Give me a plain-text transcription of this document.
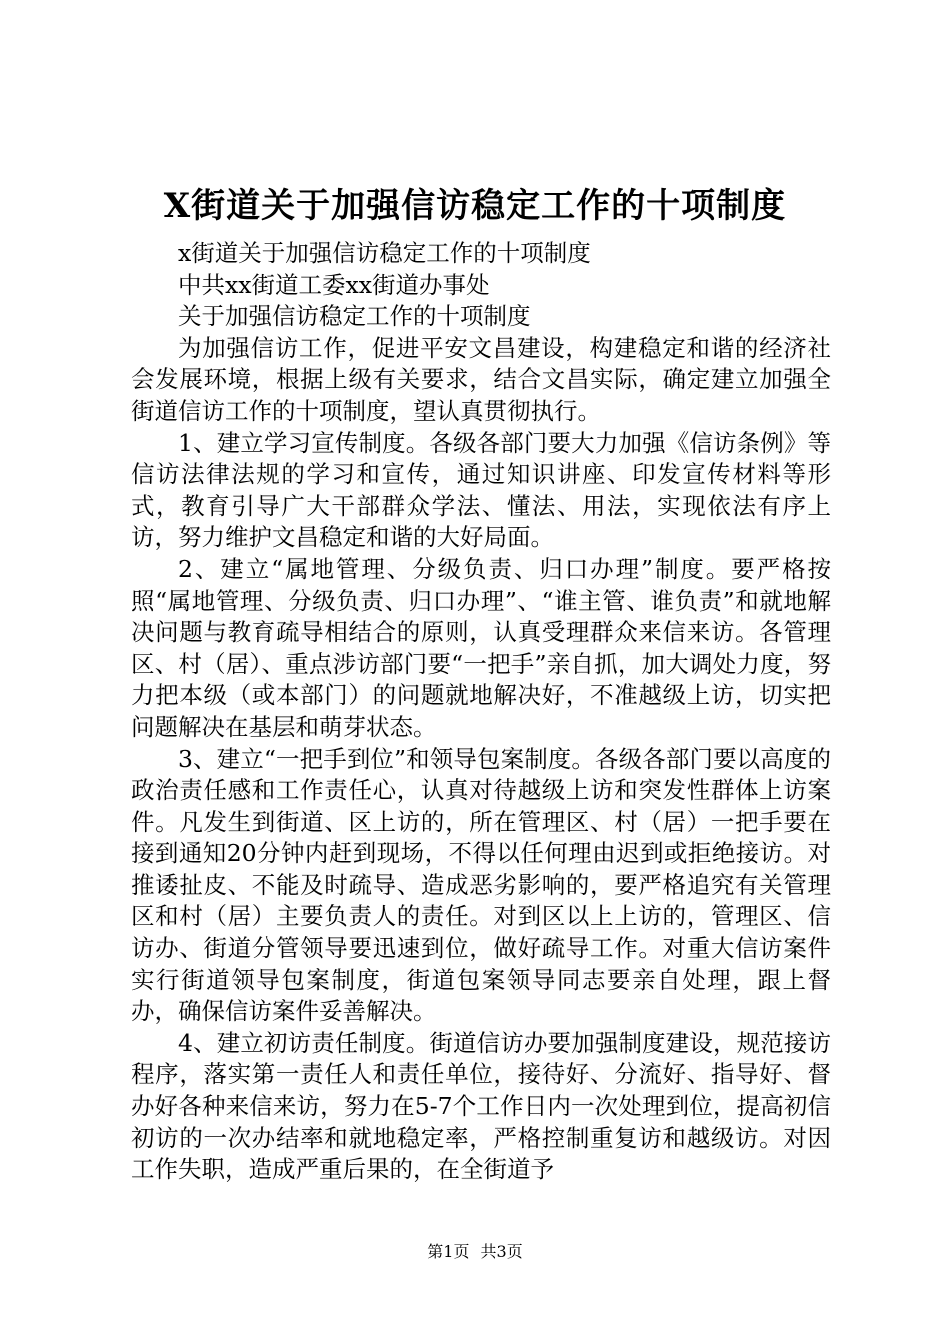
X街道关于加强信访稳定工作的十项制度

x街道关于加强信访稳定工作的十项制度

中共xx街道工委xx街道办事处

关于加强信访稳定工作的十项制度

为加强信访工作，促进平安文昌建设，构建稳定和谐的经济社会发展环境，根据上级有关要求，结合文昌实际，确定建立加强全街道信访工作的十项制度，望认真贯彻执行。

1、建立学习宣传制度。各级各部门要大力加强《信访条例》等信访法律法规的学习和宣传，通过知识讲座、印发宣传材料等形式，教育引导广大干部群众学法、懂法、用法，实现依法有序上访，努力维护文昌稳定和谐的大好局面。

2、建立“属地管理、分级负责、归口办理”制度。要严格按照“属地管理、分级负责、归口办理”、“谁主管、谁负责”和就地解决问题与教育疏导相结合的原则，认真受理群众来信来访。各管理区、村（居）、重点涉访部门要“一把手”亲自抓，加大调处力度，努力把本级（或本部门）的问题就地解决好，不准越级上访，切实把问题解决在基层和萌芽状态。

3、建立“一把手到位”和领导包案制度。各级各部门要以高度的政治责任感和工作责任心，认真对待越级上访和突发性群体上访案件。凡发生到街道、区上访的，所在管理区、村（居）一把手要在接到通知20分钟内赶到现场，不得以任何理由迟到或拒绝接访。对推诿扯皮、不能及时疏导、造成恶劣影响的，要严格追究有关管理区和村（居）主要负责人的责任。对到区以上上访的，管理区、信访办、街道分管领导要迅速到位，做好疏导工作。对重大信访案件实行街道领导包案制度，街道包案领导同志要亲自处理，跟上督办，确保信访案件妥善解决。

4、建立初访责任制度。街道信访办要加强制度建设，规范接访程序，落实第一责任人和责任单位，接待好、分流好、指导好、督办好各种来信来访，努力在5-7个工作日内一次处理到位，提高初信初访的一次办结率和就地稳定率，严格控制重复访和越级访。对因工作失职，造成严重后果的，在全街道予

第1页 共3页
